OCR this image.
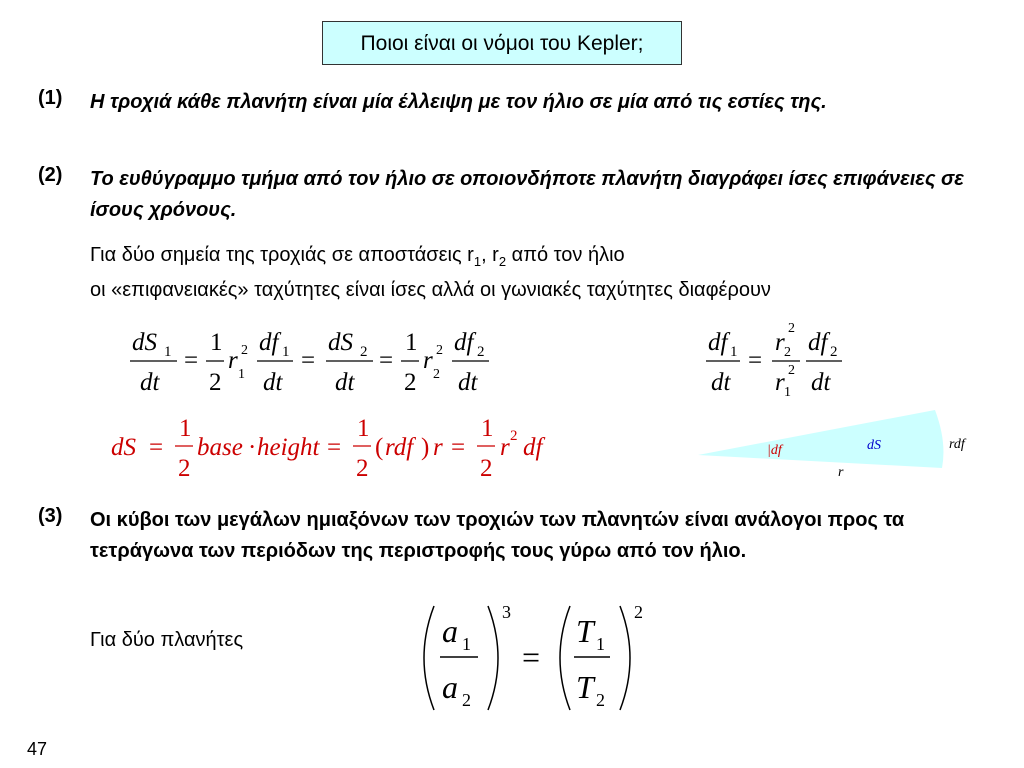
Ποιοι είναι οι νόμοι του Kepler;
(1) Η τροχιά κάθε πλανήτη είναι μία έλλειψη με τον ήλιο σε μία από τις εστίες της.
(2) Το ευθύγραμμο τμήμα από τον ήλιο σε οποιονδήποτε πλανήτη διαγράφει ίσες επιφάνειες σε ίσους χρόνους.
Για δύο σημεία της τροχιάς σε αποστάσεις $r_1$, $r_2$ από τον ήλιο
οι «επιφανειακές» ταχύτητες είναι ίσες αλλά οι γωνιακές ταχύτητες διαφέρουν
dS 1
dt
=
1
2
r
1
2 df 1
dt
=
dS 2
dt
=
1
2
r
2
2 df 2
dt
df 1
dt
=
r 2
2
r 1
2
df 2
dt
dS =
1
2
base · height =
1
2
( rdf ) r =
1
2
r 2 df	|df	dS
r
rdf
(3) Οι κύβοι των μεγάλων ημιαξόνων των τροχιών των πλανητών είναι ανάλογοι προς τα τετράγωνα των περιόδων της περιστροφής τους γύρω από τον ήλιο.
Για δύο πλανήτες	a 1
a 2
3
=
T 1
T 2
2
47
